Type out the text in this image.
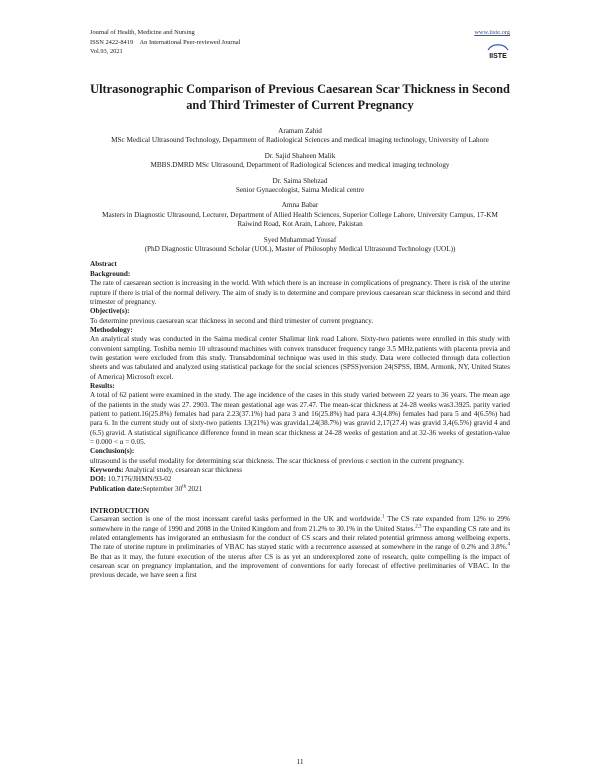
Journal of Health, Medicine and Nursing
ISSN 2422-8419 An International Peer-reviewed Journal
Vol.93, 2021
www.iiste.org
IISTE
Ultrasonographic Comparison of Previous Caesarean Scar Thickness in Second and Third Trimester of Current Pregnancy
Aramam Zahid
MSc Medical Ultrasound Technology, Department of Radiological Sciences and medical imaging technology, University of Lahore
Dr. Sajid Shaheen Malik
MBBS.DMRD MSc Ultrasound, Department of Radiological Sciences and medical imaging technology
Dr. Saima Shehzad
Senior Gynaecologist, Saima Medical centre
Amna Babar
Masters in Diagnostic Ultrasound, Lecturer, Department of Allied Health Sciences, Superior College Lahore, University Campus, 17-KM Raiwind Road, Kot Arain, Lahore, Pakistan
Syed Muhammad Yousaf
(PhD Diagnostic Ultrasound Scholar (UOL), Master of Philosophy Medical Ultrasound Technology (UOL))
Abstract
Background:
The rate of caesarean section is increasing in the world. With which there is an increase in complications of pregnancy. There is risk of the uterine rupture if there is trial of the normal delivery. The aim of study is to determine and compare previous caesarean scar thickness in second and third trimester of pregnancy.
Objective(s):
To determine previous caesarean scar thickness in second and third trimester of current pregnancy.
Methodology:
An analytical study was conducted in the Saima medical center Shalimar link road Lahore. Sixty-two patients were enrolled in this study with convenient sampling. Toshiba nemio 10 ultrasound machines with convex transducer frequency range 3.5 MHz.patients with placenta previa and twin gestation were excluded from this study. Transabdominal technique was used in this study. Data were collected through data collection sheets and was tabulated and analyzed using statistical package for the social sciences (SPSS)version 24(SPSS, IBM, Armonk, NY, United States of America) Microsoft excel.
Results:
A total of 62 patient were examined in the study. The age incidence of the cases in this study varied between 22 years to 36 years. The mean age of the patients in the study was 27. 2903. The mean gestational age was 27.47. The mean-scar thickness at 24-28 weeks was3.3925. parity varied patient to patient.16(25.8%) females had para 2.23(37.1%) had para 3 and 16(25.8%) had para 4.3(4.8%) females had para 5 and 4(6.5%) had para 6. In the current study out of sixty-two patients 13(21%) was gravida1,24(38.7%) was gravid 2,17(27.4) was gravid 3,4(6.5%) gravid 4 and (6.5) gravid. A statistical significance difference found in mean scar thickness at 24-28 weeks of gestation and at 32-36 weeks of gestation-value = 0.000 < α = 0.05.
Conclusion(s):
ultrasound is the useful modality for determining scar thickness. The scar thickness of previous c section in the current pregnancy.
Keywords: Analytical study, cesarean scar thickness
DOI: 10.7176/JHMN/93-02
Publication date:September 30th 2021
INTRODUCTION
Caesarean section is one of the most incessant careful tasks performed in the UK and worldwide.$^1$ The CS rate expanded from 12% to 29% somewhere in the range of 1990 and 2008 in the United Kingdom and from 21.2% to 30.1% in the United States.$^{2,3}$ The expanding CS rate and its related entanglements has invigorated an enthusiasm for the conduct of CS scars and their related potential grimness among wellbeing experts. The rate of uterine rupture in preliminaries of VBAC has stayed static with a recurrence assessed at somewhere in the range of 0.2% and 3.8%.$^4$ Be that as it may, the future execution of the uterus after CS is as yet an underexplored zone of research, quite compelling is the impact of cesarean scar on pregnancy implantation, and the improvement of conventions for early forecast of effective preliminaries of VBAC. In the previous decade, we have seen a first
11
